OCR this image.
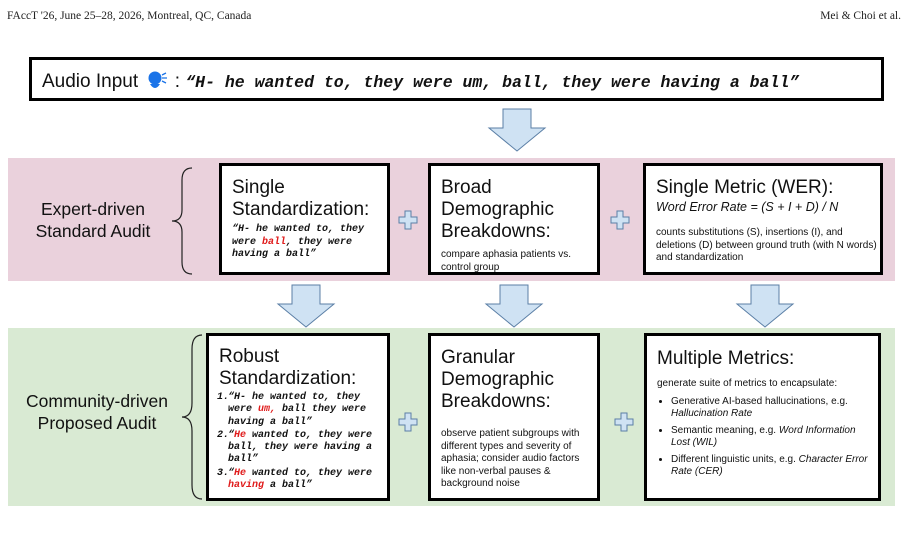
FAccT '26, June 25–28, 2026, Montreal, QC, Canada	Mei & Choi et al.
Audio Input  : “H- he wanted to, they were um, ball, they were having a ball”
Expert-driven
Standard Audit
Single
Standardization:
“H- he wanted to, they were ball, they were having a ball”
Broad
Demographic
Breakdowns:
compare aphasia patients vs. control group
Single Metric (WER):
Word Error Rate = (S + I + D) / N
counts substitutions (S), insertions (I), and deletions (D) between ground truth (with N words) and standardization
Community-driven
Proposed Audit
Robust
Standardization:
1.
“H- he wanted to, they were um, ball they were having a ball”
2.
“He wanted to, they were ball, they were having a ball”
3.
“He wanted to, they were having a ball”
Granular
Demographic
Breakdowns:
observe patient subgroups with different types and severity of aphasia; consider audio factors like non-verbal pauses & background noise
Multiple Metrics:
generate suite of metrics to encapsulate:
• Generative AI-based hallucinations, e.g. Hallucination Rate
• Semantic meaning, e.g. Word Information Lost (WIL)
• Different linguistic units, e.g. Character Error Rate (CER)
